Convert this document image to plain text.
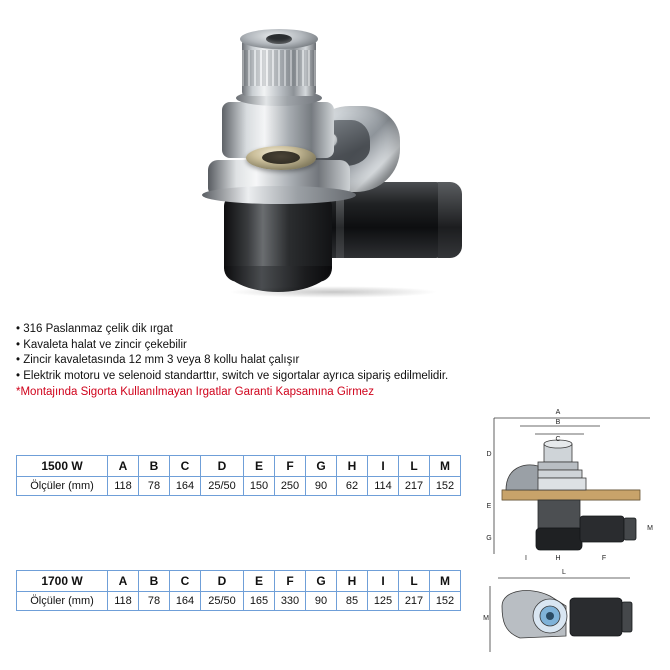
• 316 Paslanmaz çelik dik ırgat
• Kavaleta halat ve zincir çekebilir
• Zincir kavaletasında 12 mm 3 veya 8 kollu halat çalışır
• Elektrik motoru ve selenoid standarttır, switch ve sigortalar ayrıca sipariş edilmelidir.
*Montajında Sigorta Kullanılmayan Irgatlar Garanti Kapsamına Girmez
1500 W	A	B	C	D	E	F	G	H	I	L	M
Ölçüler (mm)	118	78	164	25/50	150	250	90	62	114	217	152
1700 W	A	B	C	D	E	F	G	H	I	L	M
Ölçüler (mm)	118	78	164	25/50	165	330	90	85	125	217	152
A
B
C
D
E
G
I	H	F
M
L
M
